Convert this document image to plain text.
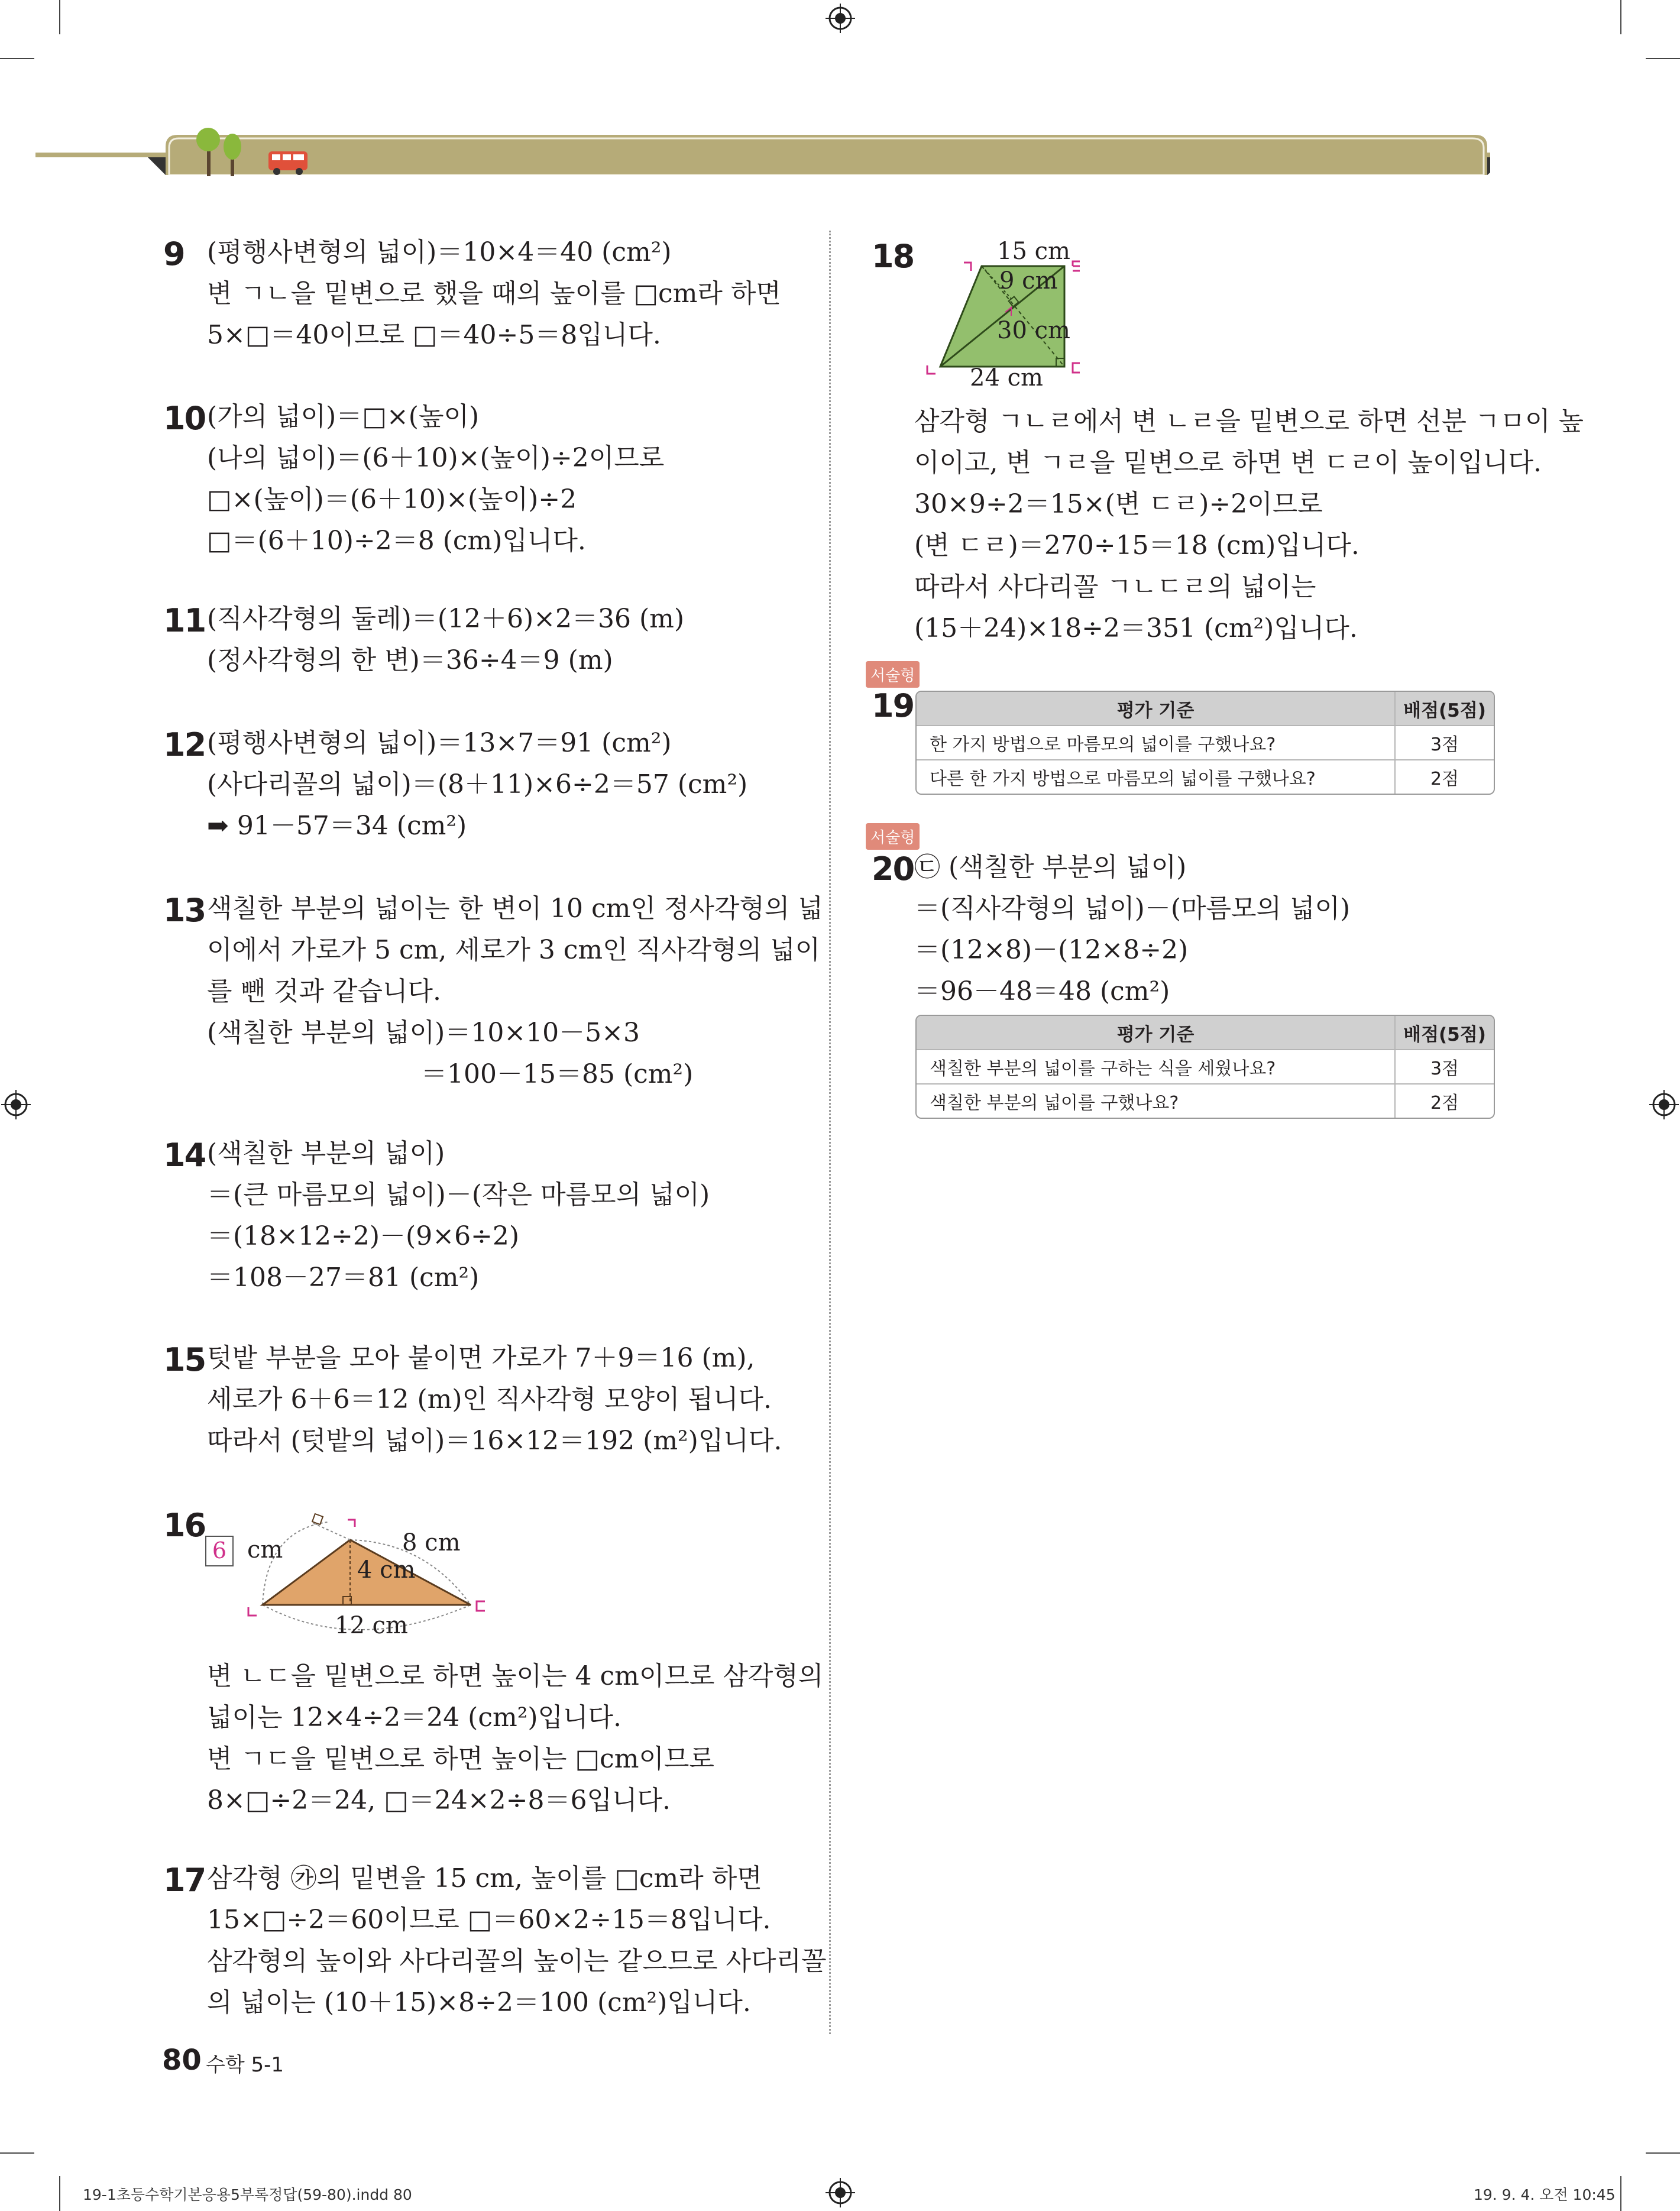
9 (평행사변형의 넓이)＝10×4＝40 (cm²)
변 ㄱㄴ을 밑변으로 했을 때의 높이를 □cm라 하면
5×□＝40이므로 □＝40÷5＝8입니다.
10 (가의 넓이)＝□×(높이)
(나의 넓이)＝(6＋10)×(높이)÷2이므로
□×(높이)＝(6＋10)×(높이)÷2
□＝(6＋10)÷2＝8 (cm)입니다.
11 (직사각형의 둘레)＝(12＋6)×2＝36 (m)
(정사각형의 한 변)＝36÷4＝9 (m)
12 (평행사변형의 넓이)＝13×7＝91 (cm²)
(사다리꼴의 넓이)＝(8＋11)×6÷2＝57 (cm²)
➡ 91－57＝34 (cm²)
13 색칠한 부분의 넓이는 한 변이 10 cm인 정사각형의 넓
이에서 가로가 5 cm, 세로가 3 cm인 직사각형의 넓이
를 뺀 것과 같습니다.
(색칠한 부분의 넓이)＝10×10－5×3
＝100－15＝85 (cm²)
14 (색칠한 부분의 넓이)
＝(큰 마름모의 넓이)－(작은 마름모의 넓이)
＝(18×12÷2)－(9×6÷2)
＝108－27＝81 (cm²)
15 텃밭 부분을 모아 붙이면 가로가 7＋9＝16 (m),
세로가 6＋6＝12 (m)인 직사각형 모양이 됩니다.
따라서 (텃밭의 넓이)＝16×12＝192 (m²)입니다.
16
6 cm	8 cm
4 cm
12 cm
변 ㄴㄷ을 밑변으로 하면 높이는 4 cm이므로 삼각형의
넓이는 12×4÷2＝24 (cm²)입니다.
변 ㄱㄷ을 밑변으로 하면 높이는 □cm이므로
8×□÷2＝24, □＝24×2÷8＝6입니다.
17 삼각형 ㉮의 밑변을 15 cm, 높이를 □cm라 하면
15×□÷2＝60이므로 □＝60×2÷15＝8입니다.
삼각형의 높이와 사다리꼴의 높이는 같으므로 사다리꼴
의 넓이는 (10＋15)×8÷2＝100 (cm²)입니다.
18	15 cm
9 cm
30 cm
24 cm
삼각형 ㄱㄴㄹ에서 변 ㄴㄹ을 밑변으로 하면 선분 ㄱㅁ이 높
이이고, 변 ㄱㄹ을 밑변으로 하면 변 ㄷㄹ이 높이입니다.
30×9÷2＝15×(변 ㄷㄹ)÷2이므로
(변 ㄷㄹ)＝270÷15＝18 (cm)입니다.
따라서 사다리꼴 ㄱㄴㄷㄹ의 넓이는
(15＋24)×18÷2＝351 (cm²)입니다.
서술형
19	평가 기준	배점(5점)
한 가지 방법으로 마름모의 넓이를 구했나요?	3점
다른 한 가지 방법으로 마름모의 넓이를 구했나요?	2점
서술형
20 ㉢ (색칠한 부분의 넓이)
＝(직사각형의 넓이)－(마름모의 넓이)
＝(12×8)－(12×8÷2)
＝96－48＝48 (cm²)
평가 기준	배점(5점)
색칠한 부분의 넓이를 구하는 식을 세웠나요?	3점
색칠한 부분의 넓이를 구했나요?	2점
80 수학 5-1
19-1초등수학기본응용5부록정답(59-80).indd 80	19. 9. 4. 오전 10:45
